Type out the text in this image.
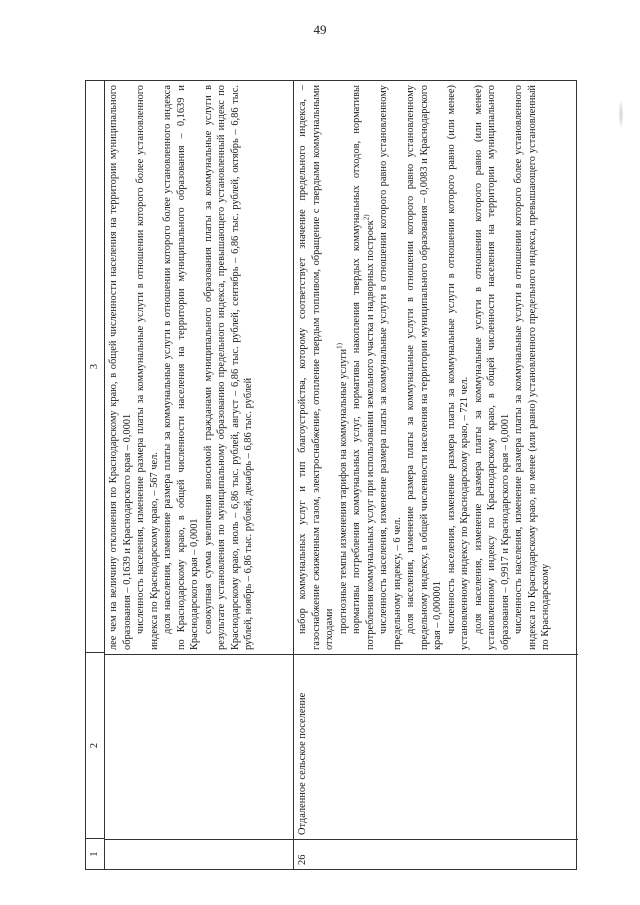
49
1
2
3 лее чем на величину отклонения по Краснодарскому краю, в общей численности населения на территории муниципального образования – 0,1639 и Краснодарского края – 0,0001 численность населения, изменение размера платы за коммунальные услуги в отношении которого более установленного индекса по Краснодарскому краю, – 567 чел. доля населения, изменение размера платы за коммунальные услуги в отношении которого более установленного индекса по Краснодарскому краю, в общей численности населения на территории муниципального образования – 0,1639 и Краснодарского края – 0,0001 совокупная сумма увеличения вносимой гражданами муниципального образования платы за коммунальные услуги в результате установления по муниципальному образованию предельного индекса, превышающего установленный индекс по Краснодарскому краю, июль – 6,86 тыс. рублей, август – 6,86 тыс. рублей, сентябрь – 6,86 тыс. рублей, октябрь – 6,86 тыс. рублей, ноябрь – 6,86 тыс. рублей, декабрь – 6,86 тыс. рублей

26
Отдаленное сельское поселение

набор коммунальных услуг и тип благоустройства, которому соответствует значение предельного индекса, – газоснабжение сжиженным газом, электроснабжение, отопление твердым топливом, обращение с твердыми коммунальными отходами прогнозные темпы изменения тарифов на коммунальные услуги$^{1)}$ нормативы потребления коммунальных услуг, нормативы накопления твердых коммунальных отходов, нормативы потребления коммунальных услуг при использовании земельного участка и надворных построек$^{2)}$ численность населения, изменение размера платы за коммунальные услуги в отношении которого равно установленному предельному индексу, – 6 чел. доля населения, изменение размера платы за коммунальные услуги в отношении которого равно установленному предельному индексу, в общей численности населения на территории муниципального образования – 0,0083 и Краснодарского края – 0,000001 численность населения, изменение размера платы за коммунальные услуги в отношении которого равно (или менее) установленному индексу по Краснодарскому краю, – 721 чел. доля населения, изменение размера платы за коммунальные услуги в отношении которого равно (или менее) установленному индексу по Краснодарскому краю, в общей численности населения на территории муниципального образования – 0,9917 и Краснодарского края – 0,0001 численность населения, изменение размера платы за коммунальные услуги в отношении которого более установленного индекса по Краснодарскому краю, но менее (или равно) установленного предельного индекса, превышающего установленный по Краснодарскому
